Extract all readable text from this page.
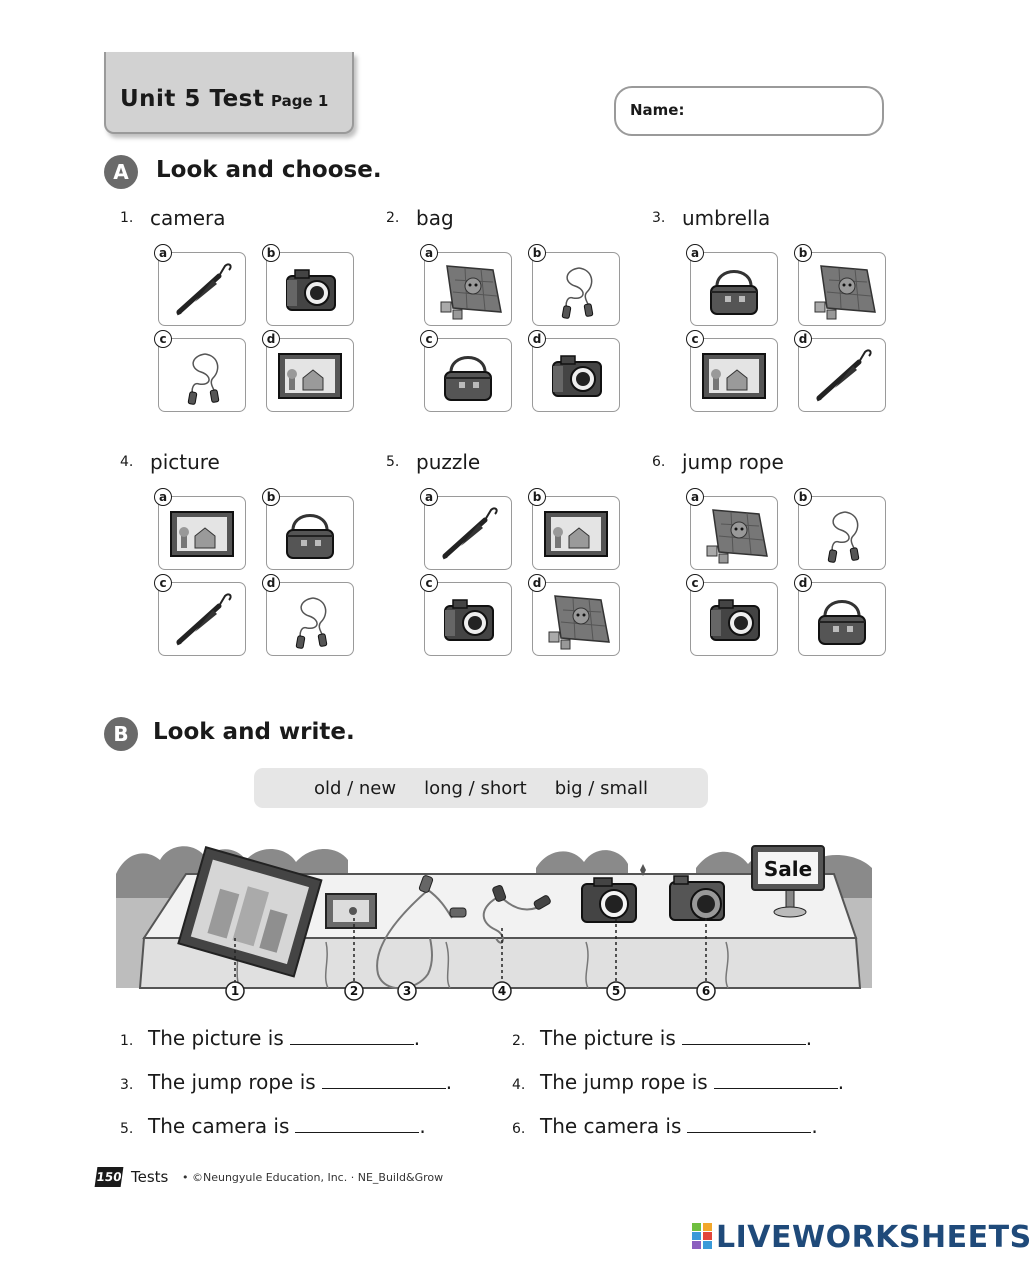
Unit 5 Test Page 1	Name:
A	Look and choose.
1. camera
a	b
c	d
2. bag
a	b
c	d
3. umbrella
a	b
c	d
4. picture
a	b
c	d
5. puzzle
a	b
c	d
6. jump rope
a	b
c	d
B	Look and write.
old / new long / short big / small
Sale
1	2	3	4	5	6
1. The picture is	.	2. The picture is	.
3. The jump rope is	.	4. The jump rope is	.
5. The camera is	.	6. The camera is	.
150 Tests • ©Neungyule Education, Inc. · NE_Build&Grow
LIVEWORKSHEETS
